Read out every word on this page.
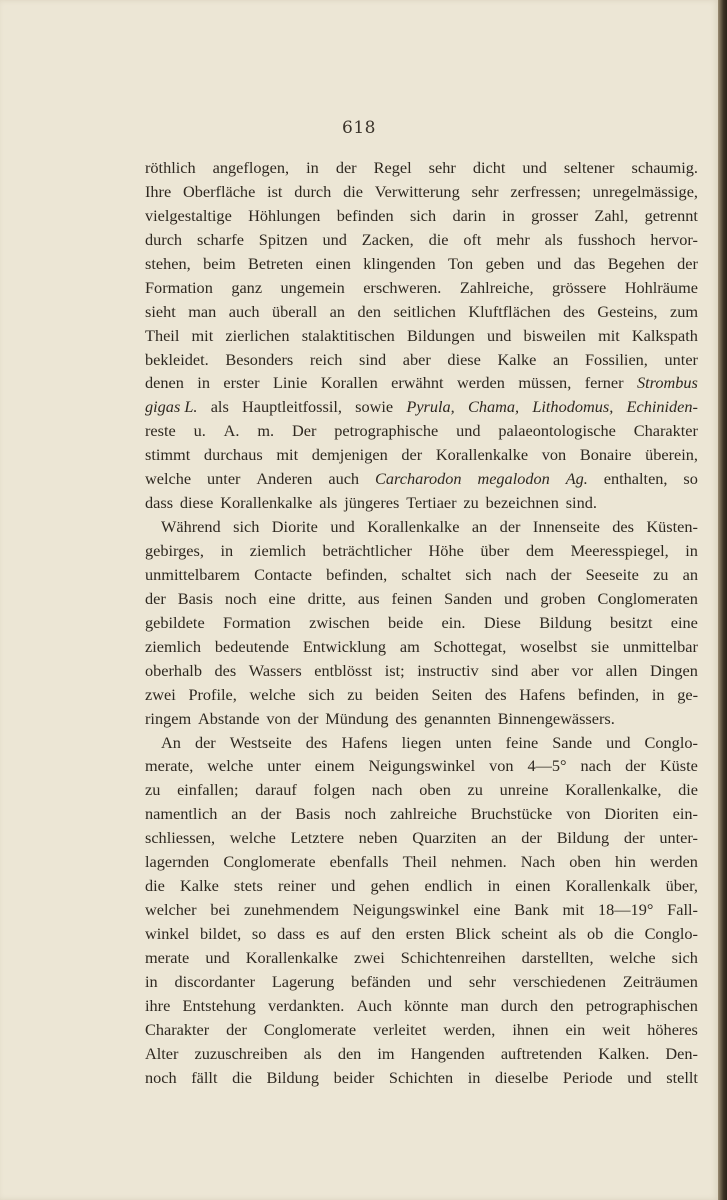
618
röthlich angeflogen, in der Regel sehr dicht und seltener schaumig.
Ihre Oberfläche ist durch die Verwitterung sehr zerfressen; unregelmässige,
vielgestaltige Höhlungen befinden sich darin in grosser Zahl, getrennt
durch scharfe Spitzen und Zacken, die oft mehr als fusshoch hervor-
stehen, beim Betreten einen klingenden Ton geben und das Begehen der
Formation ganz ungemein erschweren. Zahlreiche, grössere Hohlräume
sieht man auch überall an den seitlichen Kluftflächen des Gesteins, zum
Theil mit zierlichen stalaktitischen Bildungen und bisweilen mit Kalkspath
bekleidet. Besonders reich sind aber diese Kalke an Fossilien, unter
denen in erster Linie Korallen erwähnt werden müssen, ferner Strombus
gigas L. als Hauptleitfossil, sowie Pyrula, Chama, Lithodomus, Echiniden-
reste u. A. m. Der petrographische und palaeontologische Charakter
stimmt durchaus mit demjenigen der Korallenkalke von Bonaire überein,
welche unter Anderen auch Carcharodon megalodon Ag. enthalten, so
dass diese Korallenkalke als jüngeres Tertiaer zu bezeichnen sind.
Während sich Diorite und Korallenkalke an der Innenseite des Küsten-
gebirges, in ziemlich beträchtlicher Höhe über dem Meeresspiegel, in
unmittelbarem Contacte befinden, schaltet sich nach der Seeseite zu an
der Basis noch eine dritte, aus feinen Sanden und groben Conglomeraten
gebildete Formation zwischen beide ein. Diese Bildung besitzt eine
ziemlich bedeutende Entwicklung am Schottegat, woselbst sie unmittelbar
oberhalb des Wassers entblösst ist; instructiv sind aber vor allen Dingen
zwei Profile, welche sich zu beiden Seiten des Hafens befinden, in ge-
ringem Abstande von der Mündung des genannten Binnengewässers.
An der Westseite des Hafens liegen unten feine Sande und Conglo-
merate, welche unter einem Neigungswinkel von 4—5° nach der Küste
zu einfallen; darauf folgen nach oben zu unreine Korallenkalke, die
namentlich an der Basis noch zahlreiche Bruchstücke von Dioriten ein-
schliessen, welche Letztere neben Quarziten an der Bildung der unter-
lagernden Conglomerate ebenfalls Theil nehmen. Nach oben hin werden
die Kalke stets reiner und gehen endlich in einen Korallenkalk über,
welcher bei zunehmendem Neigungswinkel eine Bank mit 18—19° Fall-
winkel bildet, so dass es auf den ersten Blick scheint als ob die Conglo-
merate und Korallenkalke zwei Schichtenreihen darstellten, welche sich
in discordanter Lagerung befänden und sehr verschiedenen Zeiträumen
ihre Entstehung verdankten. Auch könnte man durch den petrographischen
Charakter der Conglomerate verleitet werden, ihnen ein weit höheres
Alter zuzuschreiben als den im Hangenden auftretenden Kalken. Den-
noch fällt die Bildung beider Schichten in dieselbe Periode und stellt
